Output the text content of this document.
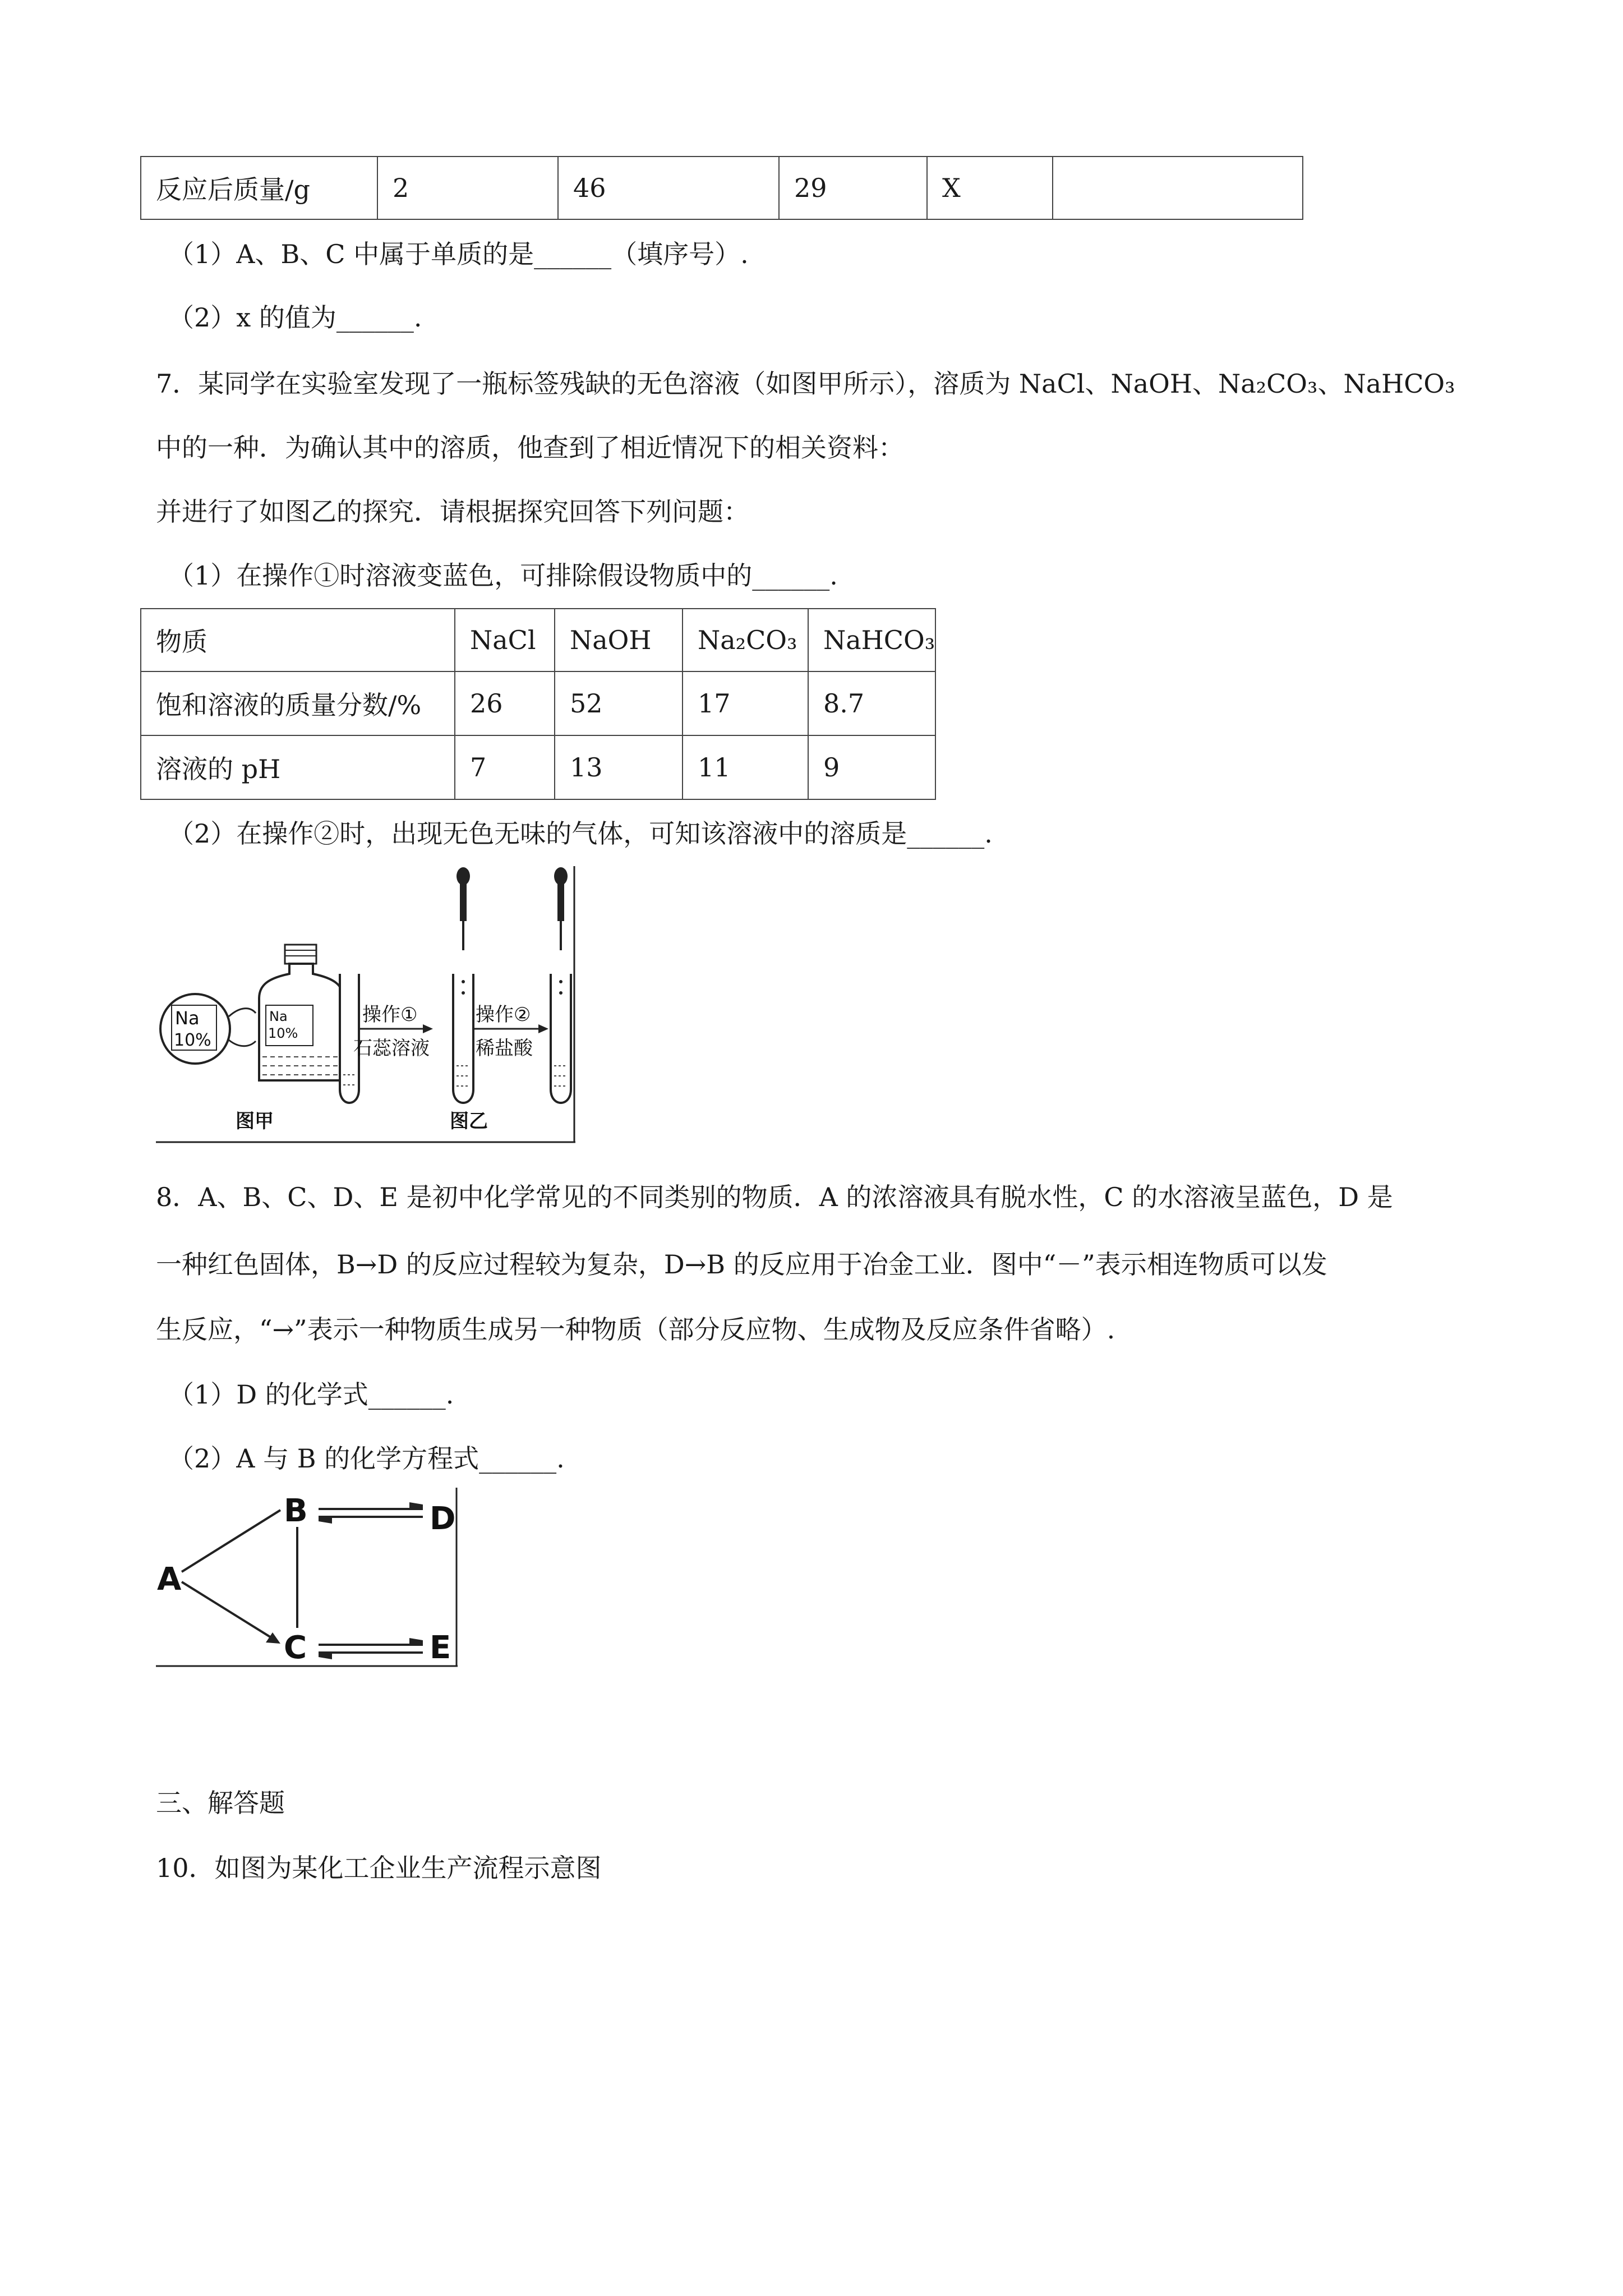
反应后质量/g	2	46	29	X	
（1）A、B、C 中属于单质的是______（填序号）.
（2）x 的值为______.
7．某同学在实验室发现了一瓶标签残缺的无色溶液（如图甲所示），溶质为 NaCl、NaOH、Na₂CO₃、NaHCO₃
中的一种．为确认其中的溶质，他查到了相近情况下的相关资料：
并进行了如图乙的探究．请根据探究回答下列问题：
（1）在操作①时溶液变蓝色，可排除假设物质中的______.
物质	NaCl	NaOH	Na₂CO₃	NaHCO₃
饱和溶液的质量分数/%	26	52	17	8.7
溶液的 pH	7	13	11	9
（2）在操作②时，出现无色无味的气体，可知该溶液中的溶质是______.
Na
10%
Na
10%
操作①
石蕊溶液
操作②
稀盐酸
图甲	图乙
8．A、B、C、D、E 是初中化学常见的不同类别的物质．A 的浓溶液具有脱水性，C 的水溶液呈蓝色，D 是
一种红色固体，B→D 的反应过程较为复杂，D→B 的反应用于冶金工业．图中“－”表示相连物质可以发
生反应，“→”表示一种物质生成另一种物质（部分反应物、生成物及反应条件省略）.
（1）D 的化学式______.
（2）A 与 B 的化学方程式______.
A
B
C
D
E
三、解答题
10．如图为某化工企业生产流程示意图
